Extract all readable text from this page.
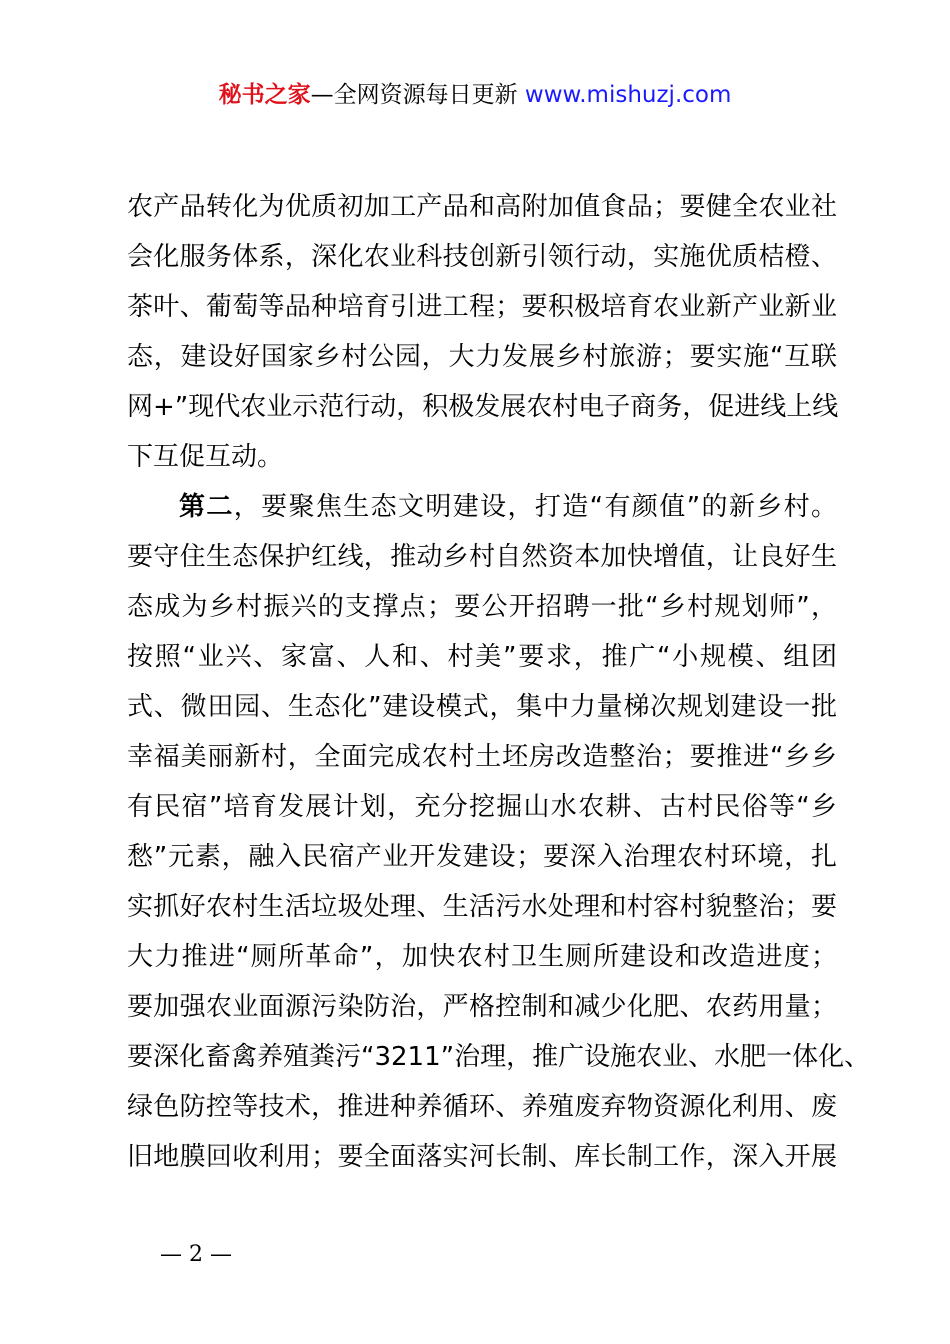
秘书之家—全网资源每日更新 www.mishuzj.com
农产品转化为优质初加工产品和高附加值食品；要健全农业社
会化服务体系，深化农业科技创新引领行动，实施优质桔橙、
茶叶、葡萄等品种培育引进工程；要积极培育农业新产业新业
态，建设好国家乡村公园，大力发展乡村旅游；要实施“互联
网+”现代农业示范行动，积极发展农村电子商务，促进线上线
下互促互动。
第二，要聚焦生态文明建设，打造“有颜值”的新乡村。
要守住生态保护红线，推动乡村自然资本加快增值，让良好生
态成为乡村振兴的支撑点；要公开招聘一批“乡村规划师”，
按照“业兴、家富、人和、村美”要求，推广“小规模、组团
式、微田园、生态化”建设模式，集中力量梯次规划建设一批
幸福美丽新村，全面完成农村土坯房改造整治；要推进“乡乡
有民宿”培育发展计划，充分挖掘山水农耕、古村民俗等“乡
愁”元素，融入民宿产业开发建设；要深入治理农村环境，扎
实抓好农村生活垃圾处理、生活污水处理和村容村貌整治；要
大力推进“厕所革命”，加快农村卫生厕所建设和改造进度；
要加强农业面源污染防治，严格控制和减少化肥、农药用量；
要深化畜禽养殖粪污“3211”治理，推广设施农业、水肥一体化、
绿色防控等技术，推进种养循环、养殖废弃物资源化利用、废
旧地膜回收利用；要全面落实河长制、库长制工作，深入开展
— 2 —
